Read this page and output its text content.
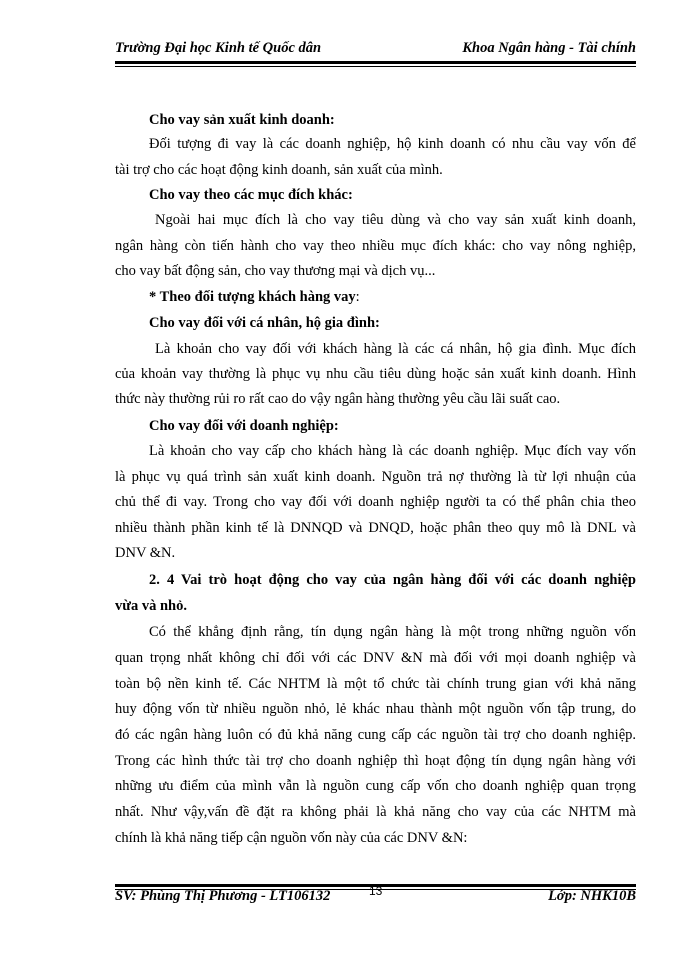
Trường Đại học Kinh tế Quốc dân	Khoa Ngân hàng - Tài chính
Cho vay sản xuất kinh doanh:
Đối tượng đi vay là các doanh nghiệp, hộ kinh doanh có nhu cầu vay vốn để
tài trợ cho các hoạt động kinh doanh, sản xuất của mình.
Cho vay theo các mục đích khác:
Ngoài hai mục đích là cho vay tiêu dùng và cho vay sản xuất kinh doanh,
ngân hàng còn tiến hành cho vay theo nhiều mục đích khác: cho vay nông nghiệp,
cho vay bất động sản, cho vay thương mại và dịch vụ...
* Theo đối tượng khách hàng vay:
Cho vay đối với cá nhân, hộ gia đình:
Là khoản cho vay đối với khách hàng là các cá nhân, hộ gia đình. Mục đích
của khoản vay thường là phục vụ nhu cầu tiêu dùng hoặc sản xuất kinh doanh. Hình
thức này thường rủi ro rất cao do vậy ngân hàng thường yêu cầu lãi suất cao.
Cho vay đối với doanh nghiệp:
Là khoản cho vay cấp cho khách hàng là các doanh nghiệp. Mục đích vay vốn
là phục vụ quá trình sản xuất kinh doanh. Nguồn trả nợ thường là từ lợi nhuận của
chủ thể đi vay. Trong cho vay đối với doanh nghiệp người ta có thể phân chia theo
nhiều thành phần kinh tế là DNNQD và DNQD, hoặc phân theo quy mô là DNL và
DNV &N.
2. 4 Vai trò hoạt động cho vay của ngân hàng đối với các doanh nghiệp
vừa và nhỏ.
Có thể khẳng định rằng, tín dụng ngân hàng là một trong những nguồn vốn
quan trọng nhất không chỉ đối với các DNV &N mà đối với mọi doanh nghiệp và
toàn bộ nền kinh tế. Các NHTM là một tổ chức tài chính trung gian với khả năng
huy động vốn từ nhiều nguồn nhỏ, lẻ khác nhau thành một nguồn vốn tập trung, do
đó các ngân hàng luôn có đủ khả năng cung cấp các nguồn tài trợ cho doanh nghiệp.
Trong các hình thức tài trợ cho doanh nghiệp thì hoạt động tín dụng ngân hàng với
những ưu điểm của mình vẫn là nguồn cung cấp vốn cho doanh nghiệp quan trọng
nhất. Như vậy,vấn đề đặt ra không phải là khả năng cho vay của các NHTM mà
chính là khả năng tiếp cận nguồn vốn này của các DNV &N:
SV: Phùng Thị Phương - LT106132	13	Lớp: NHK10B
